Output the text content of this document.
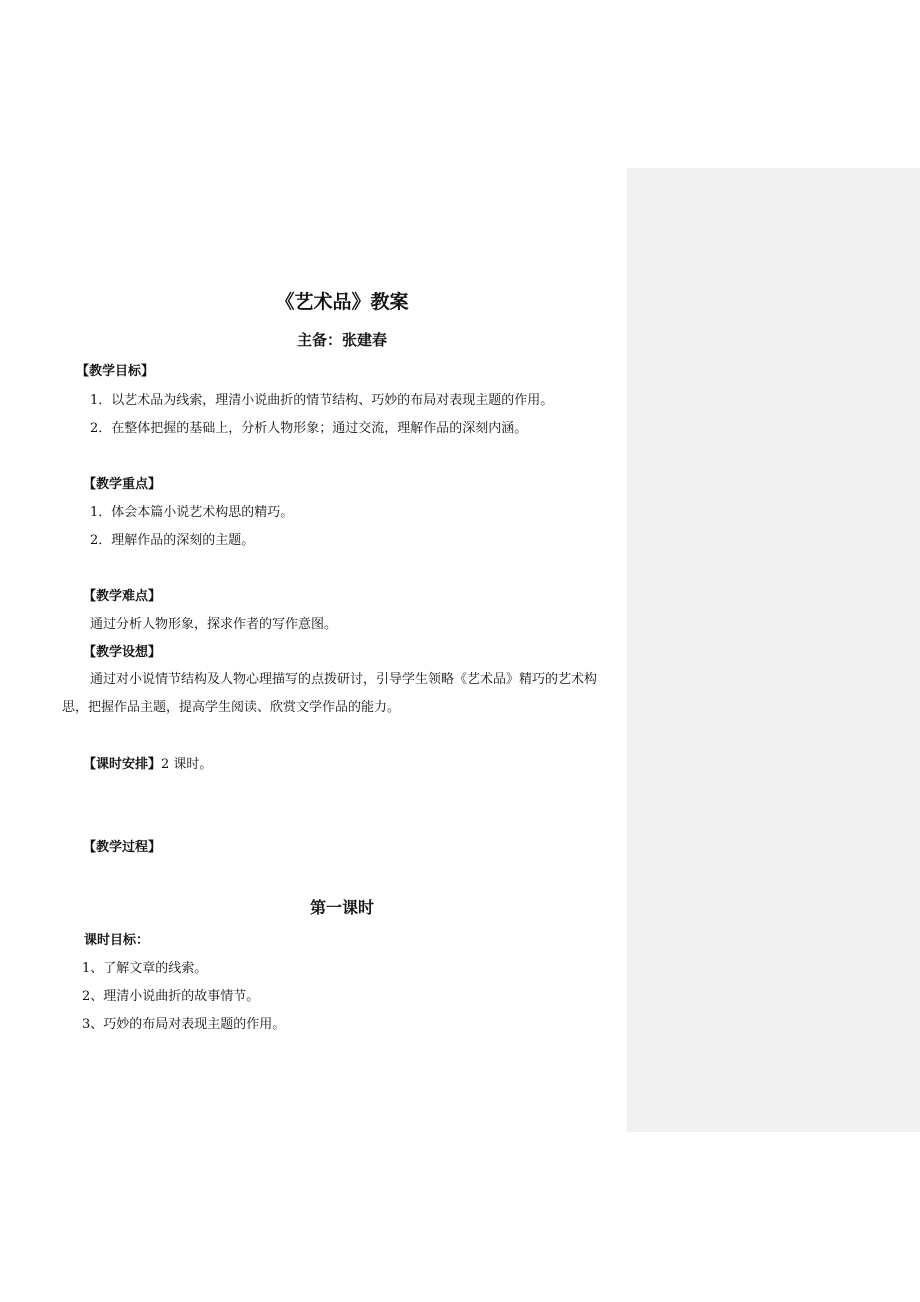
《艺术品》教案
主备：张建春
【教学目标】
1．以艺术品为线索，理清小说曲折的情节结构、巧妙的布局对表现主题的作用。
2．在整体把握的基础上，分析人物形象；通过交流，理解作品的深刻内涵。
【教学重点】
1．体会本篇小说艺术构思的精巧。
2．理解作品的深刻的主题。
【教学难点】
通过分析人物形象，探求作者的写作意图。
【教学设想】
通过对小说情节结构及人物心理描写的点拨研讨，引导学生领略《艺术品》精巧的艺术构思，把握作品主题，提高学生阅读、欣赏文学作品的能力。
【课时安排】2 课时。
【教学过程】
第一课时
课时目标：
1、了解文章的线索。
2、理清小说曲折的故事情节。
3、巧妙的布局对表现主题的作用。
